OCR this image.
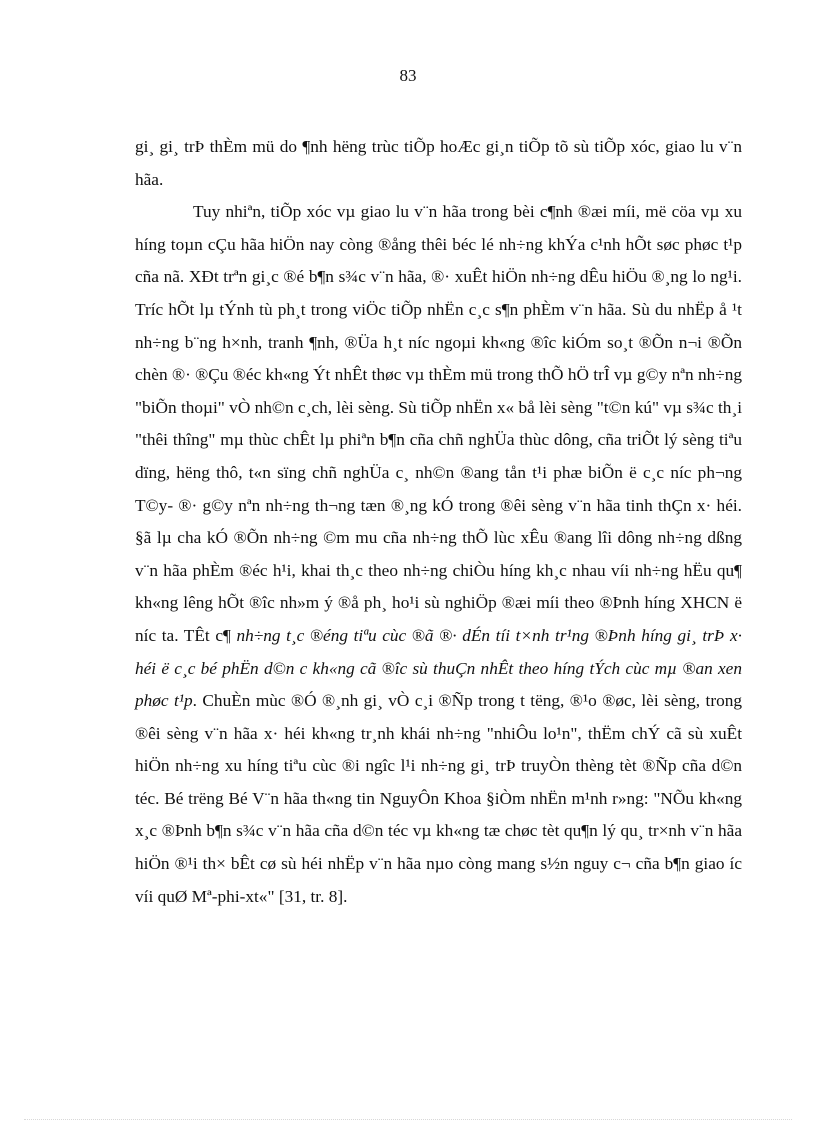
83

gi¸ gi¸ trÞ thÈm mü do ¶nh hëng trùc tiÕp hoÆc gi¸n tiÕp tõ sù tiÕp xóc, giao lu v¨n hãa.

Tuy nhiªn, tiÕp xóc vµ giao lu v¨n hãa trong bèi c¶nh ®æi míi, më cöa vµ xu híng toµn cÇu hãa hiÖn nay còng ®ång thêi béc lé nh÷ng khÝa c¹nh hÕt søc phøc t¹p cña nã. XÐt trªn gi¸c ®é b¶n s¾c v¨n hãa, ®· xuÊt hiÖn nh÷ng dÊu hiÖu ®¸ng lo ng¹i. Tríc hÕt lµ tÝnh tù ph¸t trong viÖc tiÕp nhËn c¸c s¶n phÈm v¨n hãa. Sù du nhËp å ¹t nh÷ng b¨ng h×nh, tranh ¶nh, ®Üa h¸t níc ngoµi kh«ng ®îc kiÓm so¸t ®Õn n¬i ®Õn chèn ®· ®Çu ®éc kh«ng Ýt nhÊt thøc vµ thÈm mü trong thÕ hÖ trÎ vµ g©y nªn nh÷ng "biÕn thoµi" vÒ nh©n c¸ch, lèi sèng. Sù tiÕp nhËn x« bå lèi sèng "t©n kú" vµ s¾c th¸i "thêi thîng" mµ thùc chÊt lµ phiªn b¶n cña chñ nghÜa thùc dông, cña triÕt lý sèng tiªu dïng, hëng thô, t«n sïng chñ nghÜa c¸ nh©n ®ang tån t¹i phæ biÕn ë c¸c níc ph¬ng T©y- ®· g©y nªn nh÷ng th¬ng tæn ®¸ng kÓ trong ®êi sèng v¨n hãa tinh thÇn x· héi. §ã lµ cha kÓ ®Õn nh÷ng ©m mu cña nh÷ng thÕ lùc xÊu ®ang lîi dông nh÷ng dßng v¨n hãa phÈm ®éc h¹i, khai th¸c theo nh÷ng chiÒu híng kh¸c nhau víi nh÷ng hËu qu¶ kh«ng lêng hÕt ®îc nh»m ý ®å ph¸ ho¹i sù nghiÖp ®æi míi theo ®Þnh híng XHCN ë níc ta. TÊt c¶ nh÷ng t¸c ®éng tiªu cùc ®ã ®· dÉn tíi t×nh tr¹ng ®Þnh híng gi¸ trÞ x· héi ë c¸c bé phËn d©n c kh«ng cã ®îc sù thuÇn nhÊt theo híng tÝch cùc mµ ®an xen phøc t¹p. ChuÈn mùc ®Ó ®¸nh gi¸ vÒ c¸i ®Ñp trong t tëng, ®¹o ®øc, lèi sèng, trong ®êi sèng v¨n hãa x· héi kh«ng tr¸nh khái nh÷ng "nhiÔu lo¹n", thËm chÝ cã sù xuÊt hiÖn nh÷ng xu híng tiªu cùc ®i ngîc l¹i nh÷ng gi¸ trÞ truyÒn thèng tèt ®Ñp cña d©n téc. Bé trëng Bé V¨n hãa th«ng tin NguyÔn Khoa §iÒm nhËn m¹nh r»ng: "NÕu kh«ng x¸c ®Þnh b¶n s¾c v¨n hãa cña d©n téc vµ kh«ng tæ chøc tèt qu¶n lý qu¸ tr×nh v¨n hãa hiÖn ®¹i th× bÊt cø sù héi nhËp v¨n hãa nµo còng mang s½n nguy c¬ cña b¶n giao íc víi quØ Mª-phi-xt«" [31, tr. 8].
